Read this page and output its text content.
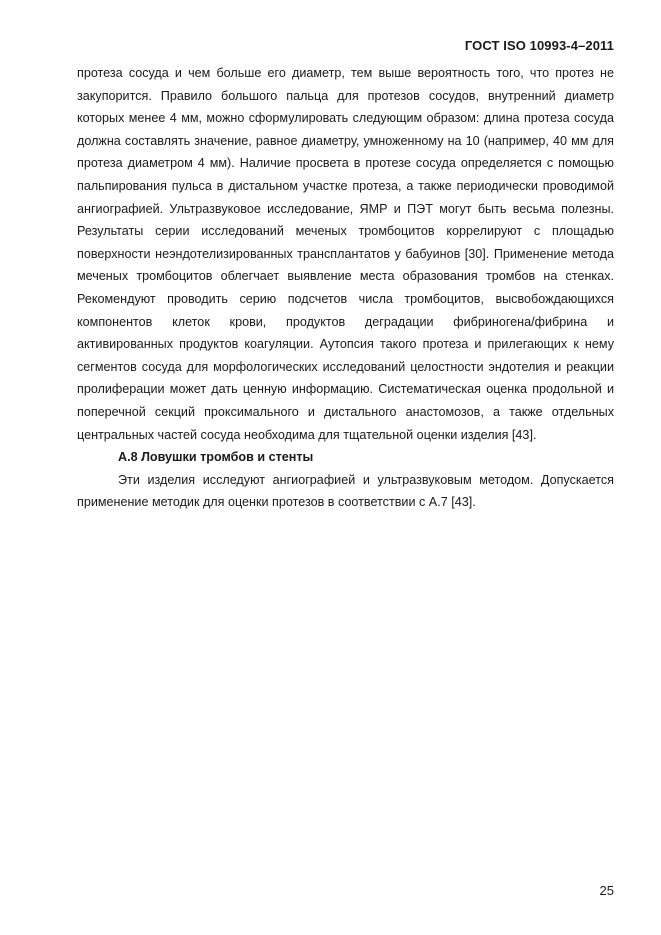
ГОСТ ISO 10993-4–2011

протеза сосуда и чем больше его диаметр, тем выше вероятность того, что протез не закупорится. Правило большого пальца для протезов сосудов, внутренний диаметр которых менее 4 мм, можно сформулировать следующим образом: длина протеза сосуда должна составлять значение, равное диаметру, умноженному на 10 (например, 40 мм для протеза диаметром 4 мм). Наличие просвета в протезе сосуда определяется с помощью пальпирования пульса в дистальном участке протеза, а также периодически проводимой ангиографией. Ультразвуковое исследование, ЯМР и ПЭТ могут быть весьма полезны. Результаты серии исследований меченых тромбоцитов коррелируют с площадью поверхности неэндотелизированных трансплантатов у бабуинов [30]. Применение метода меченых тромбоцитов облегчает выявление места образования тромбов на стенках. Рекомендуют проводить серию подсчетов числа тромбоцитов, высвобождающихся компонентов клеток крови, продуктов деградации фибриногена/фибрина и активированных продуктов коагуляции. Аутопсия такого протеза и прилегающих к нему сегментов сосуда для морфологических исследований целостности эндотелия и реакции пролиферации может дать ценную информацию. Систематическая оценка продольной и поперечной секций проксимального и дистального анастомозов, а также отдельных центральных частей сосуда необходима для тщательной оценки изделия [43].

А.8 Ловушки тромбов и стенты

Эти изделия исследуют ангиографией и ультразвуковым методом. Допускается применение методик для оценки протезов в соответствии с А.7 [43].

25
